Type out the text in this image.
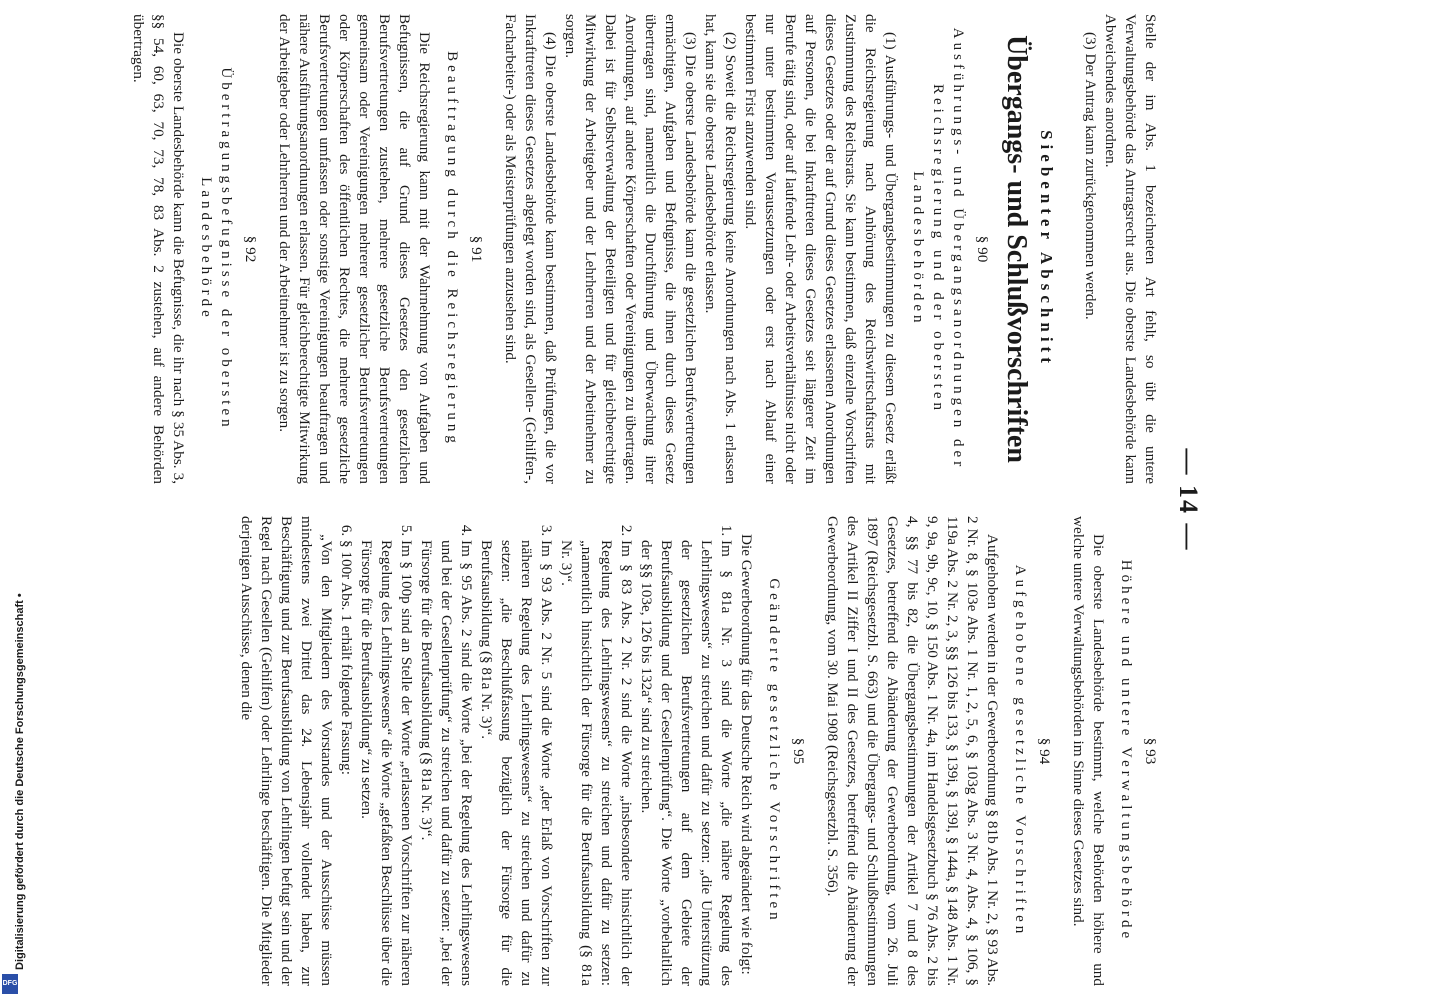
— 14 —

Stelle der im Abs. 1 bezeichneten Art fehlt, so übt die untere Verwaltungsbehörde das Antragsrecht aus. Die oberste Landesbehörde kann Abweichendes anordnen.

(3) Der Antrag kann zurückgenommen werden.

Siebenter Abschnitt
Übergangs- und Schlußvorschriften
§ 90
Ausführungs- und Übergangsanordnungen der Reichsregierung und der obersten Landesbehörden

(1) Ausführungs- und Übergangsbestimmungen zu diesem Gesetz erläßt die Reichsregierung nach Anhörung des Reichswirtschaftsrats mit Zustimmung des Reichsrats. Sie kann bestimmen, daß einzelne Vorschriften dieses Gesetzes oder der auf Grund dieses Gesetzes erlassenen Anordnungen auf Personen, die bei Inkrafttreten dieses Gesetzes seit längerer Zeit im Berufe tätig sind, oder auf laufende Lehr- oder Arbeitsverhältnisse nicht oder nur unter bestimmten Voraussetzungen oder erst nach Ablauf einer bestimmten Frist anzuwenden sind.

(2) Soweit die Reichsregierung keine Anordnungen nach Abs. 1 erlassen hat, kann sie die oberste Landesbehörde erlassen.

(3) Die oberste Landesbehörde kann die gesetzlichen Berufsvertretungen ermächtigen, Aufgaben und Befugnisse, die ihnen durch dieses Gesetz übertragen sind, namentlich die Durchführung und Überwachung ihrer Anordnungen, auf andere Körperschaften oder Vereinigungen zu übertragen. Dabei ist für Selbstverwaltung der Beteiligten und für gleichberechtigte Mitwirkung der Arbeitgeber und der Lehrherren und der Arbeitnehmer zu sorgen.

(4) Die oberste Landesbehörde kann bestimmen, daß Prüfungen, die vor Inkrafttreten dieses Gesetzes abgelegt worden sind, als Gesellen- (Gehilfen-, Facharbeiter-) oder als Meisterprüfungen anzusehen sind.

§ 91
Beauftragung durch die Reichsregierung

Die Reichsregierung kann mit der Wahrnehmung von Aufgaben und Befugnissen, die auf Grund dieses Gesetzes den gesetzlichen Berufsvertretungen zustehen, mehrere gesetzliche Berufsvertretungen gemeinsam oder Vereinigungen mehrerer gesetzlicher Berufsvertretungen oder Körperschaften des öffentlichen Rechtes, die mehrere gesetzliche Berufsvertretungen umfassen oder sonstige Vereinigungen beauftragen und nähere Ausführungsanordnungen erlassen. Für gleichberechtigte Mitwirkung der Arbeitgeber oder Lehrherren und der Arbeitnehmer ist zu sorgen.

§ 92
Übertragungsbefugnisse der obersten Landesbehörde

Die oberste Landesbehörde kann die Befugnisse, die ihr nach § 35 Abs. 3, §§ 54, 60, 63, 70, 73, 78, 83 Abs. 2 zustehen, auf andere Behörden übertragen.

§ 93
Höhere und untere Verwaltungsbehörde

Die oberste Landesbehörde bestimmt, welche Behörden höhere und welche untere Verwaltungsbehörden im Sinne dieses Gesetzes sind.

§ 94
Aufgehobene gesetzliche Vorschriften

Aufgehoben werden in der Gewerbeordnung § 81b Abs. 1 Nr. 2, § 93 Abs. 2 Nr. 8, § 103e Abs. 1 Nr. 1, 2, 5, 6, § 103g Abs. 3 Nr. 4, Abs. 4, § 106, § 119a Abs. 2 Nr. 2, 3, §§ 126 bis 133, § 139i, § 139l, § 144a, § 148 Abs. 1 Nr. 9, 9a, 9b, 9c, 10, § 150 Abs. 1 Nr. 4a, im Handelsgesetzbuch § 76 Abs. 2 bis 4, §§ 77 bis 82, die Übergangsbestimmungen der Artikel 7 und 8 des Gesetzes, betreffend die Abänderung der Gewerbeordnung, vom 26. Juli 1897 (Reichsgesetzbl. S. 663) und die Übergangs- und Schlußbestimmungen des Artikel II Ziffer I und II des Gesetzes, betreffend die Abänderung der Gewerbeordnung, vom 30. Mai 1908 (Reichsgesetzbl. S. 356).

§ 95
Geänderte gesetzliche Vorschriften

Die Gewerbeordnung für das Deutsche Reich wird abgeändert wie folgt:

1. Im § 81a Nr. 3 sind die Worte „die nähere Regelung des Lehrlingswesens“ zu streichen und dafür zu setzen: „die Unterstützung der gesetzlichen Berufsvertretungen auf dem Gebiete der Berufsausbildung und der Gesellenprüfung“. Die Worte „vorbehaltlich der §§ 103e, 126 bis 132a“ sind zu streichen.
2. Im § 83 Abs. 2 Nr. 2 sind die Worte „insbesondere hinsichtlich der Regelung des Lehrlingswesens“ zu streichen und dafür zu setzen: „namentlich hinsichtlich der Fürsorge für die Berufsausbildung (§ 81a Nr. 3)“.
3. Im § 93 Abs. 2 Nr. 5 sind die Worte „der Erlaß von Vorschriften zur näheren Regelung des Lehrlingswesens“ zu streichen und dafür zu setzen: „die Beschlußfassung bezüglich der Fürsorge für die Berufsausbildung (§ 81a Nr. 3)“.
4. Im § 95 Abs. 2 sind die Worte „bei der Regelung des Lehrlingswesens und bei der Gesellenprüfung“ zu streichen und dafür zu setzen: „bei der Fürsorge für die Berufsausbildung (§ 81a Nr. 3)“.
5. Im § 100p sind an Stelle der Worte „erlassenen Vorschriften zur näheren Regelung des Lehrlingswesens“ die Worte „gefaßten Beschlüsse über die Fürsorge für die Berufsausbildung“ zu setzen.
6. § 100r Abs. 1 erhält folgende Fassung:

„Von den Mitgliedern des Vorstandes und der Ausschüsse müssen mindestens zwei Drittel das 24. Lebensjahr vollendet haben, zur Beschäftigung und zur Berufsausbildung von Lehrlingen befugt sein und der Regel nach Gesellen (Gehilfen) oder Lehrlinge beschäftigen. Die Mitglieder derjenigen Ausschüsse, denen die

Digitalisierung gefördert durch die Deutsche Forschungsgemeinschaft •
DFG
